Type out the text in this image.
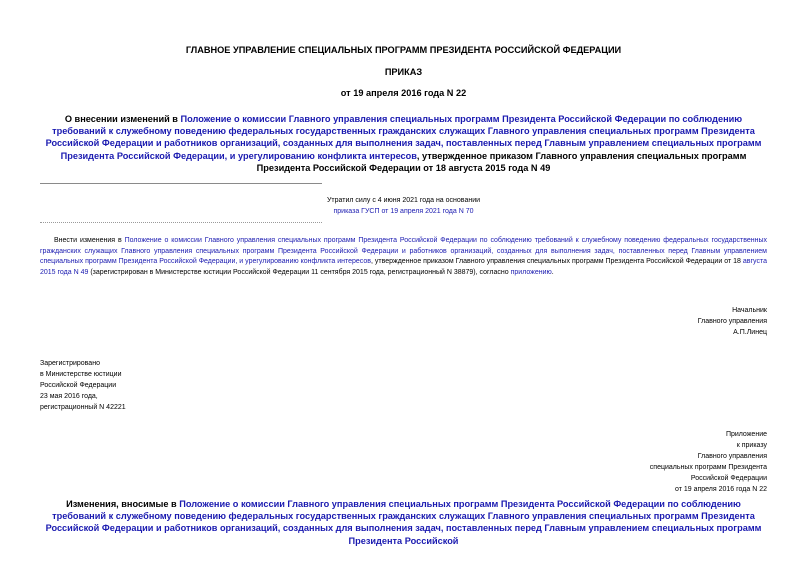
ГЛАВНОЕ УПРАВЛЕНИЕ СПЕЦИАЛЬНЫХ ПРОГРАММ ПРЕЗИДЕНТА РОССИЙСКОЙ ФЕДЕРАЦИИ
ПРИКАЗ
от 19 апреля 2016 года N 22
О внесении изменений в Положение о комиссии Главного управления специальных программ Президента Российской Федерации по соблюдению требований к служебному поведению федеральных государственных гражданских служащих Главного управления специальных программ Президента Российской Федерации и работников организаций, созданных для выполнения задач, поставленных перед Главным управлением специальных программ Президента Российской Федерации, и урегулированию конфликта интересов, утвержденное приказом Главного управления специальных программ Президента Российской Федерации от 18 августа 2015 года N 49
Утратил силу с 4 июня 2021 года на основании
приказа ГУСП от 19 апреля 2021 года N 70
Внести изменения в Положение о комиссии Главного управления специальных программ Президента Российской Федерации по соблюдению требований к служебному поведению федеральных государственных гражданских служащих Главного управления специальных программ Президента Российской Федерации и работников организаций, созданных для выполнения задач, поставленных перед Главным управлением специальных программ Президента Российской Федерации, и урегулированию конфликта интересов, утвержденное приказом Главного управления специальных программ Президента Российской Федерации от 18 августа 2015 года N 49 (зарегистрирован в Министерстве юстиции Российской Федерации 11 сентября 2015 года, регистрационный N 38879), согласно приложению.
Начальник
Главного управления
А.П.Линец
Зарегистрировано
в Министерстве юстиции
Российской Федерации
23 мая 2016 года,
регистрационный N 42221
Приложение
к приказу
Главного управления
специальных программ Президента
Российской Федерации
от 19 апреля 2016 года N 22
Изменения, вносимые в Положение о комиссии Главного управления специальных программ Президента Российской Федерации по соблюдению требований к служебному поведению федеральных государственных гражданских служащих Главного управления специальных программ Президента Российской Федерации и работников организаций, созданных для выполнения задач, поставленных перед Главным управлением специальных программ Президента Российской
